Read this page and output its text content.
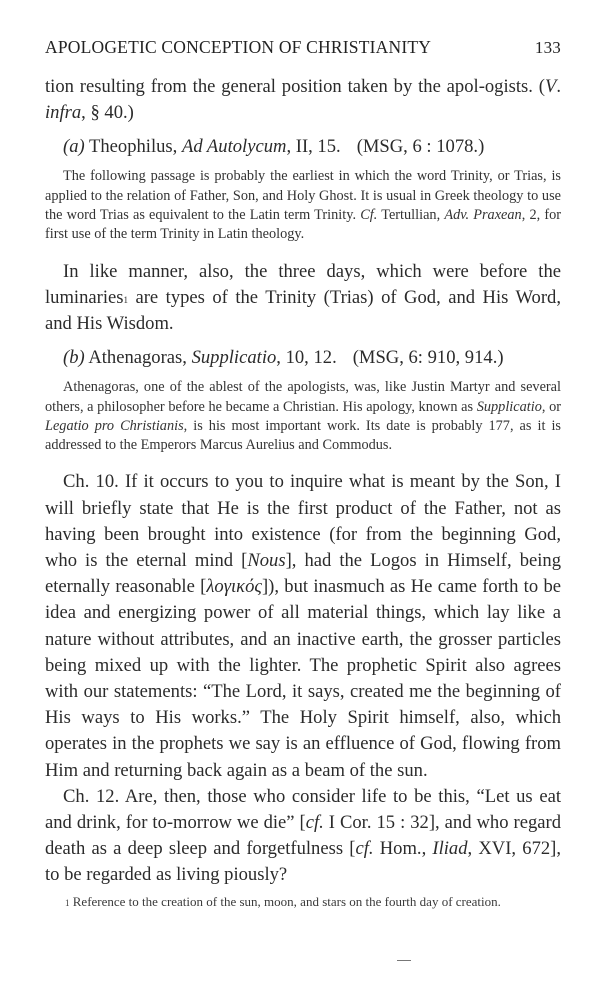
APOLOGETIC CONCEPTION OF CHRISTIANITY	133

tion resulting from the general position taken by the apol-ogists. (V. infra, § 40.)

(a) Theophilus, Ad Autolycum, II, 15. (MSG, 6 : 1078.)

The following passage is probably the earliest in which the word Trinity, or Trias, is applied to the relation of Father, Son, and Holy Ghost. It is usual in Greek theology to use the word Trias as equivalent to the Latin term Trinity. Cf. Tertullian, Adv. Praxean, 2, for first use of the term Trinity in Latin theology.

In like manner, also, the three days, which were before the luminaries$^1$ are types of the Trinity (Trias) of God, and His Word, and His Wisdom.

(b) Athenagoras, Supplicatio, 10, 12. (MSG, 6: 910, 914.)

Athenagoras, one of the ablest of the apologists, was, like Justin Martyr and several others, a philosopher before he became a Christian. His apology, known as Supplicatio, or Legatio pro Christianis, is his most important work. Its date is probably 177, as it is addressed to the Emperors Marcus Aurelius and Commodus.

Ch. 10. If it occurs to you to inquire what is meant by the Son, I will briefly state that He is the first product of the Father, not as having been brought into existence (for from the beginning God, who is the eternal mind [Nous], had the Logos in Himself, being eternally reasonable [λογικός]), but inasmuch as He came forth to be idea and energizing power of all material things, which lay like a nature without attributes, and an inactive earth, the grosser particles being mixed up with the lighter. The prophetic Spirit also agrees with our statements: “The Lord, it says, created me the beginning of His ways to His works.” The Holy Spirit himself, also, which operates in the prophets we say is an effluence of God, flowing from Him and returning back again as a beam of the sun.

Ch. 12. Are, then, those who consider life to be this, “Let us eat and drink, for to-morrow we die” [cf. I Cor. 15 : 32], and who regard death as a deep sleep and forgetfulness [cf. Hom., Iliad, XVI, 672], to be regarded as living piously?

$^1$ Reference to the creation of the sun, moon, and stars on the fourth day of creation.
